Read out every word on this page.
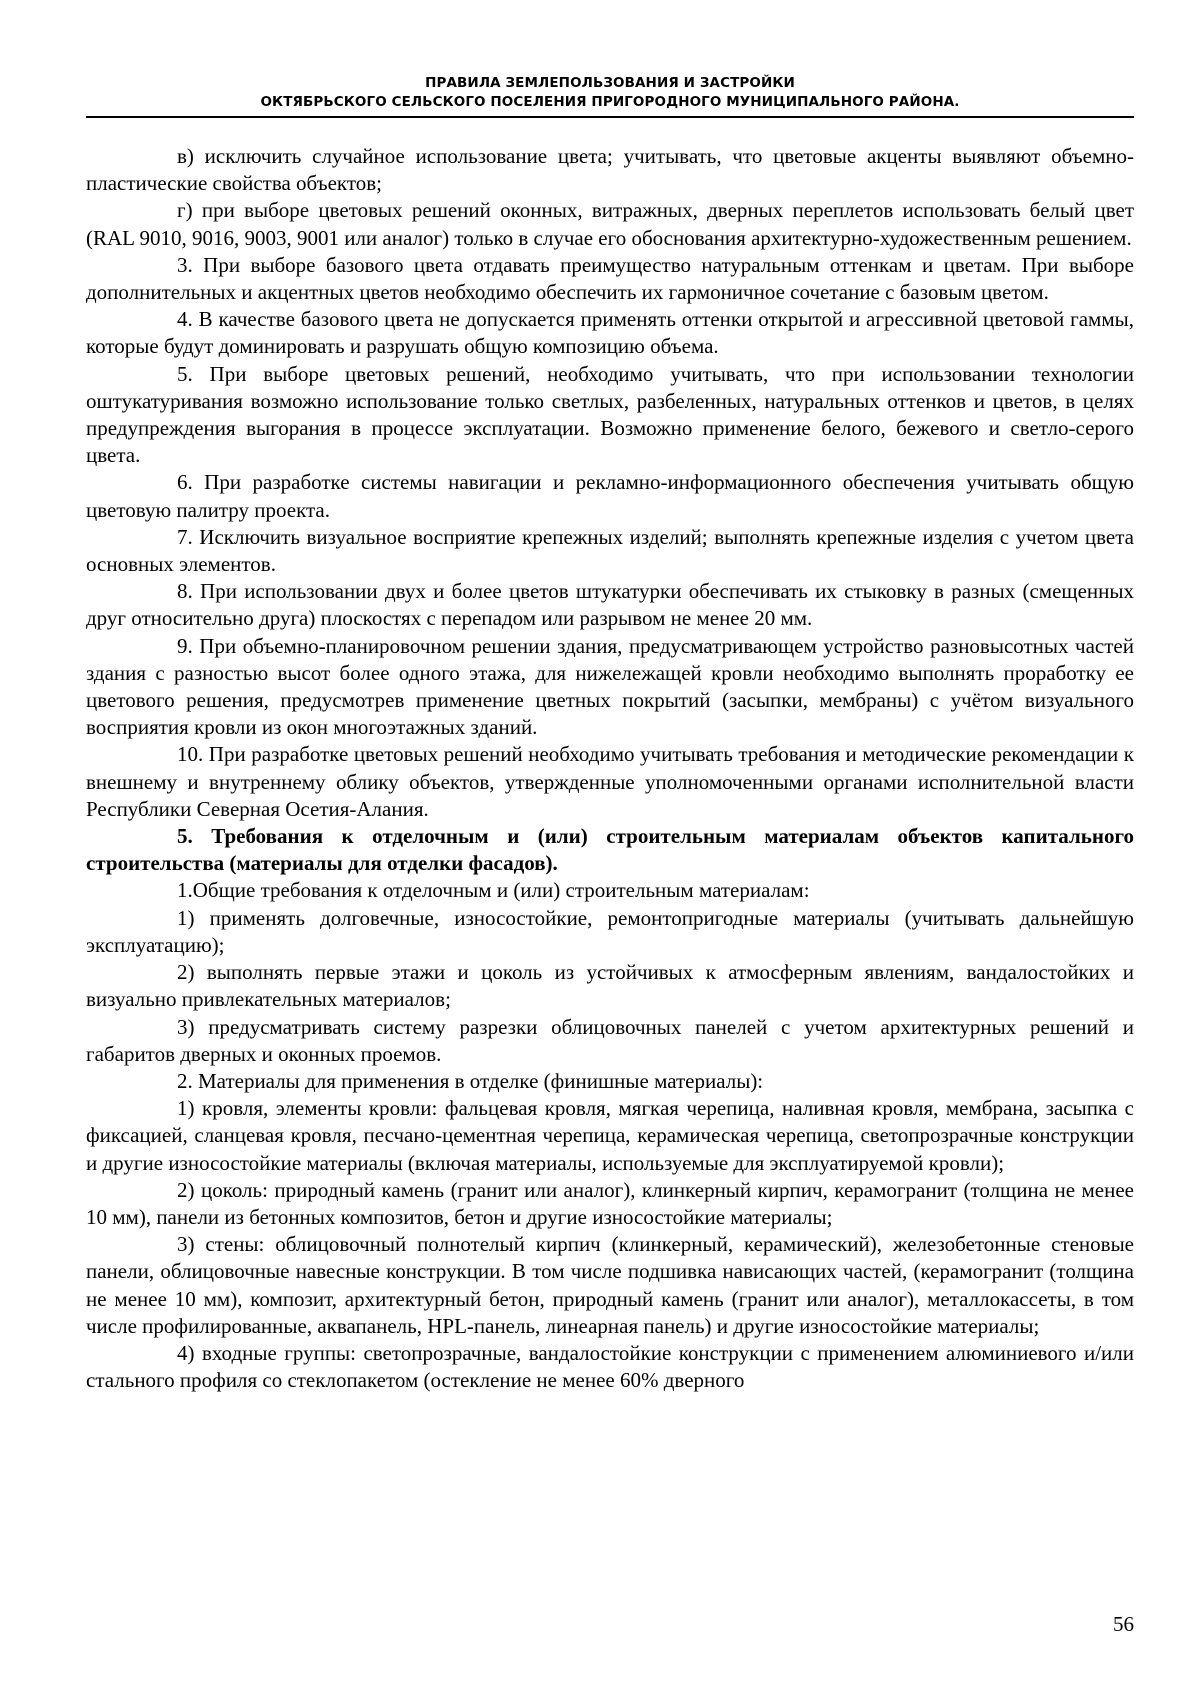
ПРАВИЛА ЗЕМЛЕПОЛЬЗОВАНИЯ И ЗАСТРОЙКИ
ОКТЯБРЬСКОГО СЕЛЬСКОГО ПОСЕЛЕНИЯ ПРИГОРОДНОГО МУНИЦИПАЛЬНОГО РАЙОНА.

в) исключить случайное использование цвета; учитывать, что цветовые акценты выявляют объемно-пластические свойства объектов;

г) при выборе цветовых решений оконных, витражных, дверных переплетов использовать белый цвет (RAL 9010, 9016, 9003, 9001 или аналог) только в случае его обоснования архитектурно-художественным решением.

3. При выборе базового цвета отдавать преимущество натуральным оттенкам и цветам. При выборе дополнительных и акцентных цветов необходимо обеспечить их гармоничное сочетание с базовым цветом.

4. В качестве базового цвета не допускается применять оттенки открытой и агрессивной цветовой гаммы, которые будут доминировать и разрушать общую композицию объема.

5. При выборе цветовых решений, необходимо учитывать, что при использовании технологии оштукатуривания возможно использование только светлых, разбеленных, натуральных оттенков и цветов, в целях предупреждения выгорания в процессе эксплуатации. Возможно применение белого, бежевого и светло-серого цвета.

6. При разработке системы навигации и рекламно-информационного обеспечения учитывать общую цветовую палитру проекта.

7. Исключить визуальное восприятие крепежных изделий; выполнять крепежные изделия с учетом цвета основных элементов.

8. При использовании двух и более цветов штукатурки обеспечивать их стыковку в разных (смещенных друг относительно друга) плоскостях с перепадом или разрывом не менее 20 мм.

9. При объемно-планировочном решении здания, предусматривающем устройство разновысотных частей здания с разностью высот более одного этажа, для нижележащей кровли необходимо выполнять проработку ее цветового решения, предусмотрев применение цветных покрытий (засыпки, мембраны) с учётом визуального восприятия кровли из окон многоэтажных зданий.

10. При разработке цветовых решений необходимо учитывать требования и методические рекомендации к внешнему и внутреннему облику объектов, утвержденные уполномоченными органами исполнительной власти Республики Северная Осетия-Алания.

5. Требования к отделочным и (или) строительным материалам объектов капитального строительства (материалы для отделки фасадов).

1.Общие требования к отделочным и (или) строительным материалам:

1) применять долговечные, износостойкие, ремонтопригодные материалы (учитывать дальнейшую эксплуатацию);

2) выполнять первые этажи и цоколь из устойчивых к атмосферным явлениям, вандалостойких и визуально привлекательных материалов;

3) предусматривать систему разрезки облицовочных панелей с учетом архитектурных решений и габаритов дверных и оконных проемов.

2. Материалы для применения в отделке (финишные материалы):

1) кровля, элементы кровли: фальцевая кровля, мягкая черепица, наливная кровля, мембрана, засыпка с фиксацией, сланцевая кровля, песчано-цементная черепица, керамическая черепица, светопрозрачные конструкции и другие износостойкие материалы (включая материалы, используемые для эксплуатируемой кровли);

2) цоколь: природный камень (гранит или аналог), клинкерный кирпич, керамогранит (толщина не менее 10 мм), панели из бетонных композитов, бетон и другие износостойкие материалы;

3) стены: облицовочный полнотелый кирпич (клинкерный, керамический), железобетонные стеновые панели, облицовочные навесные конструкции. В том числе подшивка нависающих частей, (керамогранит (толщина не менее 10 мм), композит, архитектурный бетон, природный камень (гранит или аналог), металлокассеты, в том числе профилированные, аквапанель, HPL-панель, линеарная панель) и другие износостойкие материалы;

4) входные группы: светопрозрачные, вандалостойкие конструкции с применением алюминиевого и/или стального профиля со стеклопакетом (остекление не менее 60% дверного

56
